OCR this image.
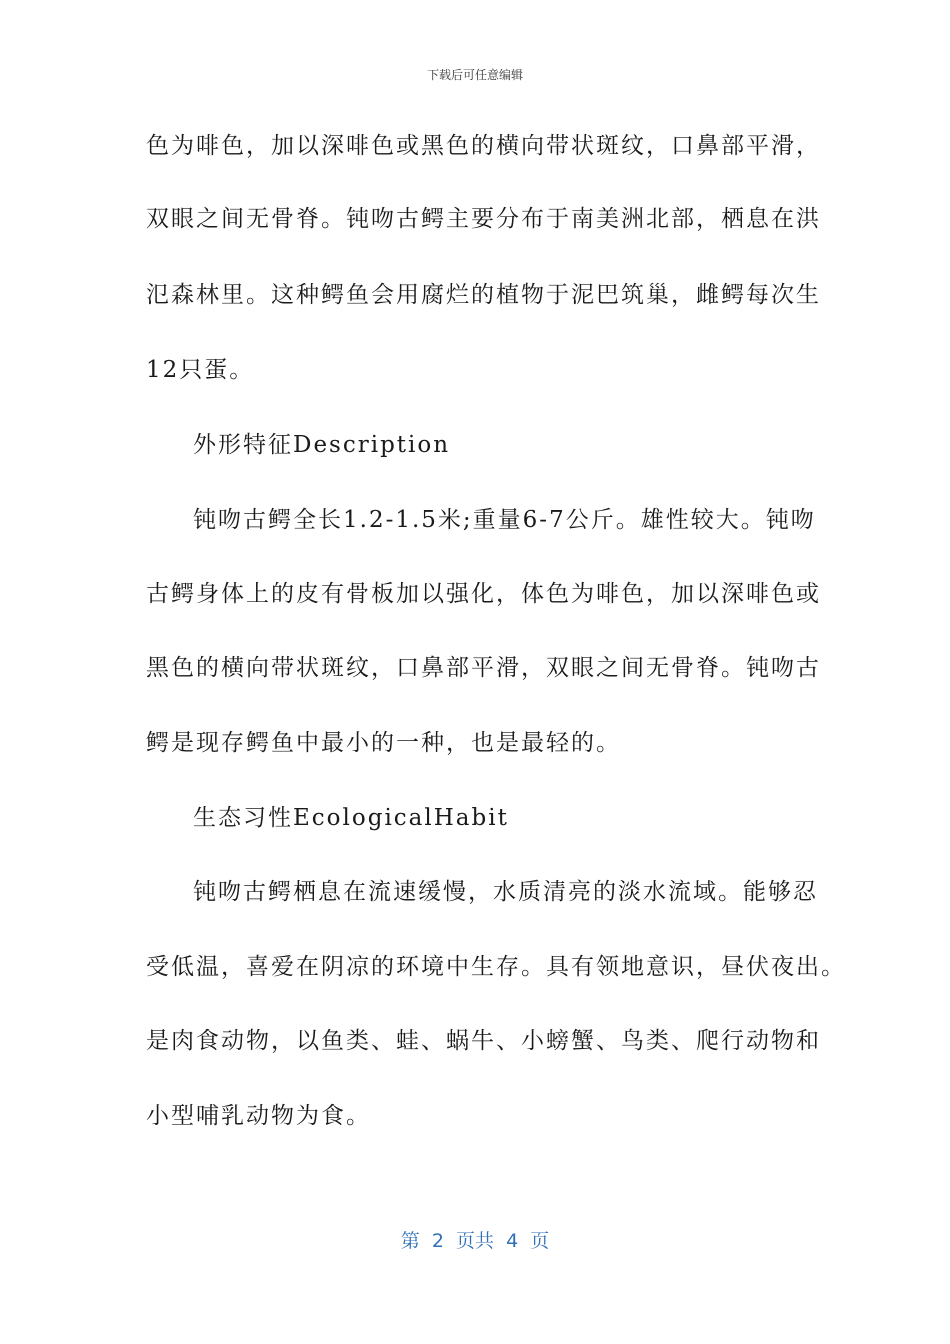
下载后可任意编辑
色为啡色，加以深啡色或黑色的横向带状斑纹，口鼻部平滑，
双眼之间无骨脊。钝吻古鳄主要分布于南美洲北部，栖息在洪
氾森林里。这种鳄鱼会用腐烂的植物于泥巴筑巢，雌鳄每次生
12只蛋。
外形特征Description
钝吻古鳄全长1.2-1.5米;重量6-7公斤。雄性较大。钝吻
古鳄身体上的皮有骨板加以强化，体色为啡色，加以深啡色或
黑色的横向带状斑纹，口鼻部平滑，双眼之间无骨脊。钝吻古
鳄是现存鳄鱼中最小的一种，也是最轻的。
生态习性EcologicalHabit
钝吻古鳄栖息在流速缓慢，水质清亮的淡水流域。能够忍
受低温，喜爱在阴凉的环境中生存。具有领地意识，昼伏夜出。
是肉食动物，以鱼类、蛙、蜗牛、小螃蟹、鸟类、爬行动物和
小型哺乳动物为食。
第  2  页共  4  页
